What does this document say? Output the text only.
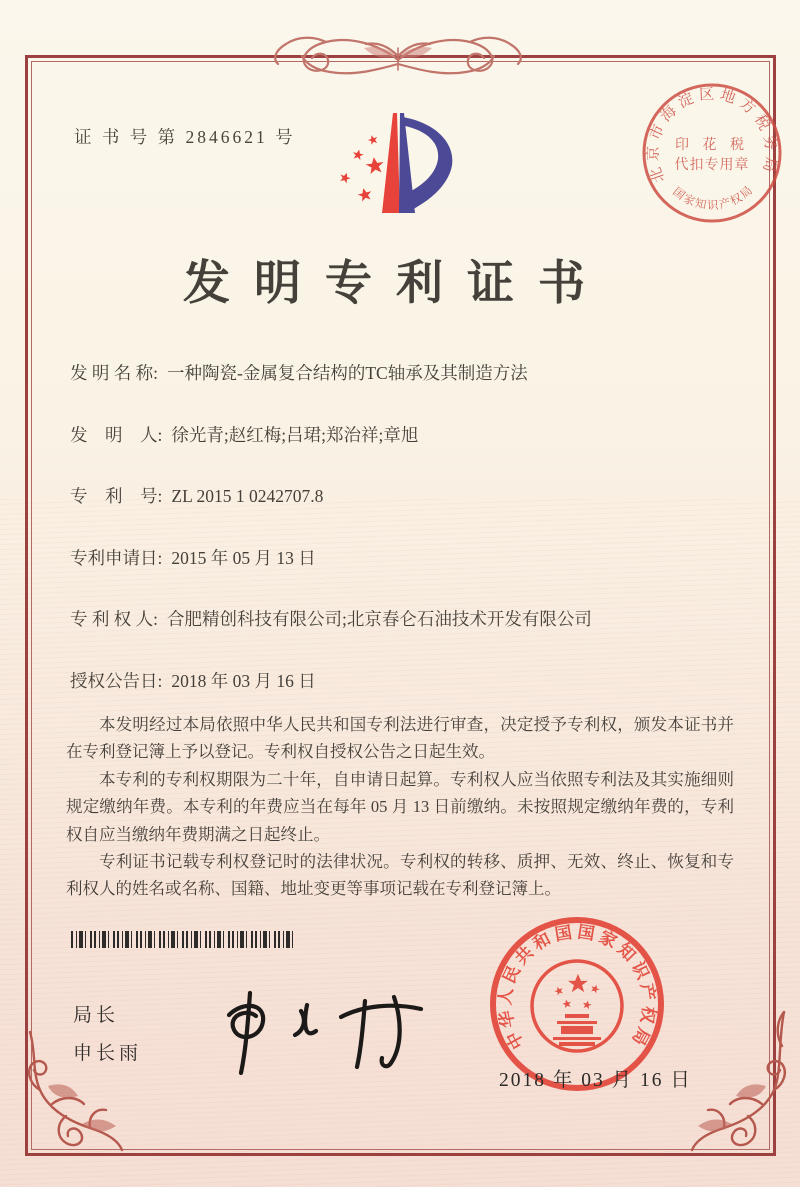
证 书 号 第 2846621 号
发明专利证书
发 明 名 称: 一种陶瓷-金属复合结构的TC轴承及其制造方法
发　明　人: 徐光青;赵红梅;吕珺;郑治祥;章旭
专　利　号: ZL 2015 1 0242707.8
专利申请日: 2015 年 05 月 13 日
专 利 权 人: 合肥精创科技有限公司;北京春仑石油技术开发有限公司
授权公告日: 2018 年 03 月 16 日

本发明经过本局依照中华人民共和国专利法进行审查，决定授予专利权，颁发本证书并在专利登记簿上予以登记。专利权自授权公告之日起生效。

本专利的专利权期限为二十年，自申请日起算。专利权人应当依照专利法及其实施细则规定缴纳年费。本专利的年费应当在每年 05 月 13 日前缴纳。未按照规定缴纳年费的，专利权自应当缴纳年费期满之日起终止。

专利证书记载专利权登记时的法律状况。专利权的转移、质押、无效、终止、恢复和专利权人的姓名或名称、国籍、地址变更等事项记载在专利登记簿上。

局长
申长雨
中华人民共和国国家知识产权局
2018 年 03 月 16 日
北京市海淀区地方税务局
印 花 税
代扣专用章
国家知识产权局
